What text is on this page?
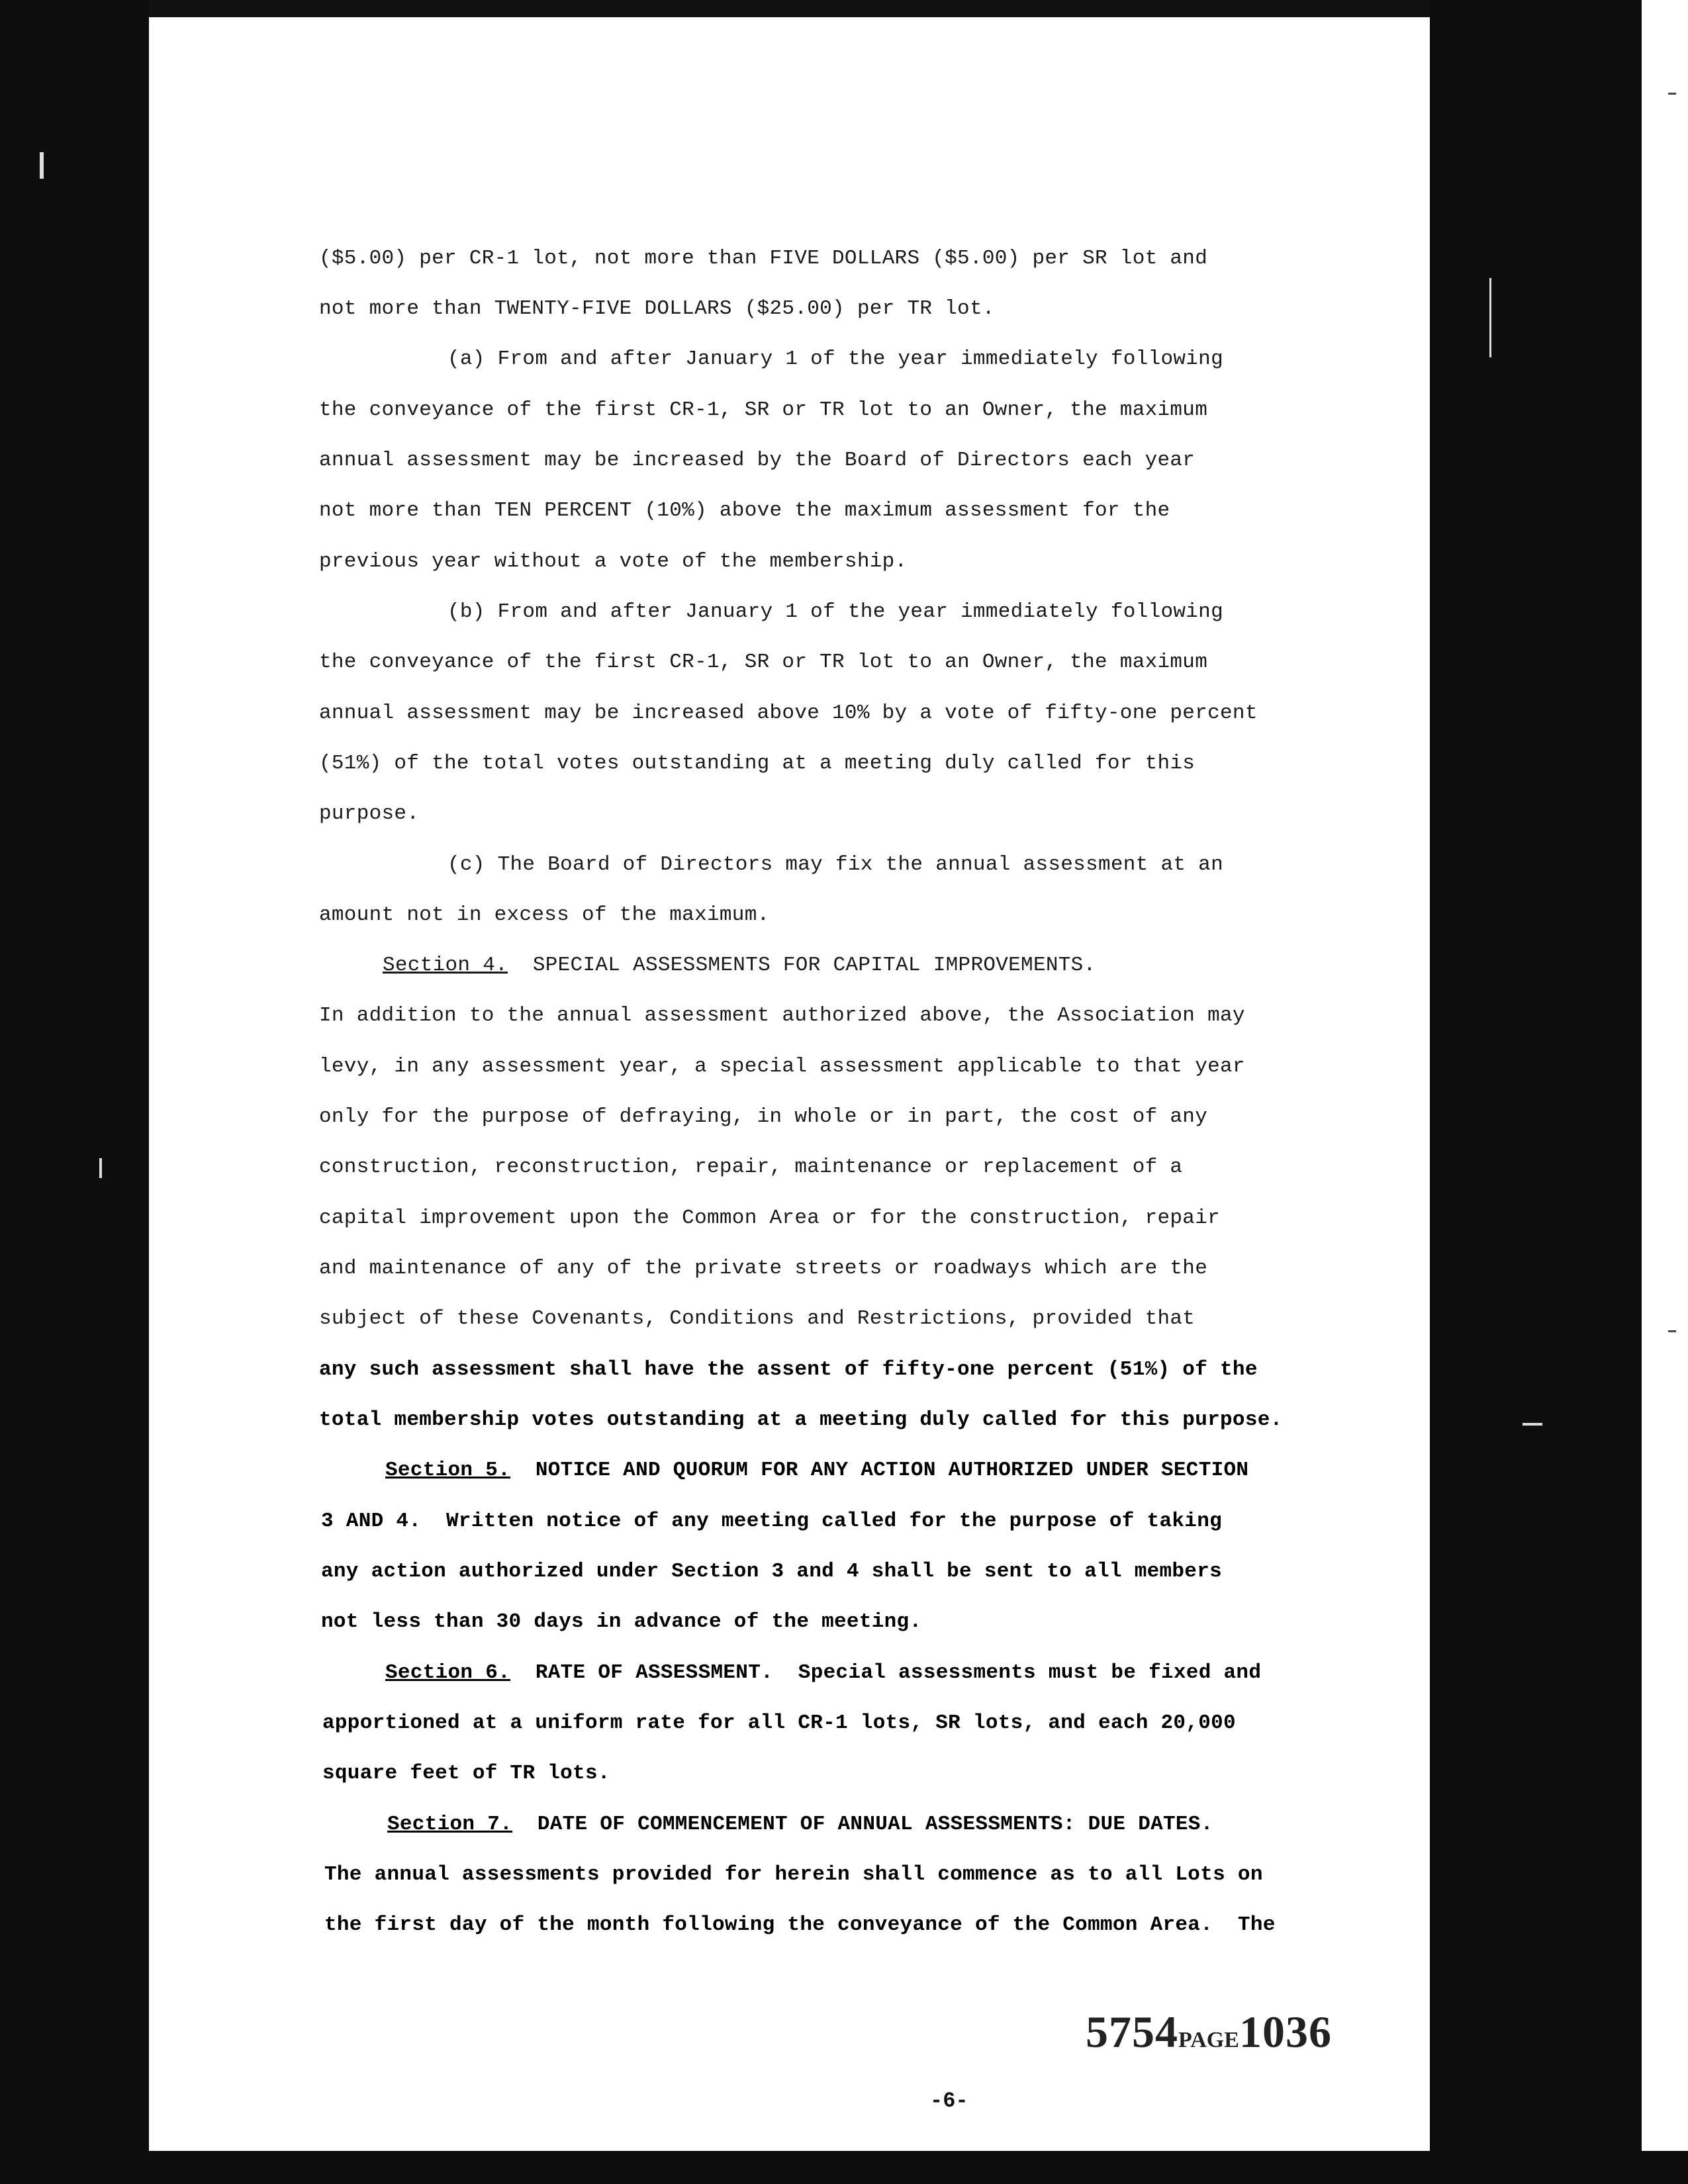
($5.00) per CR-1 lot, not more than FIVE DOLLARS ($5.00) per SR lot and
not more than TWENTY-FIVE DOLLARS ($25.00) per TR lot.
(a) From and after January 1 of the year immediately following
the conveyance of the first CR-1, SR or TR lot to an Owner, the maximum
annual assessment may be increased by the Board of Directors each year
not more than TEN PERCENT (10%) above the maximum assessment for the
previous year without a vote of the membership.
(b) From and after January 1 of the year immediately following
the conveyance of the first CR-1, SR or TR lot to an Owner, the maximum
annual assessment may be increased above 10% by a vote of fifty-one percent
(51%) of the total votes outstanding at a meeting duly called for this
purpose.
(c) The Board of Directors may fix the annual assessment at an
amount not in excess of the maximum.
Section 4. SPECIAL ASSESSMENTS FOR CAPITAL IMPROVEMENTS.
In addition to the annual assessment authorized above, the Association may
levy, in any assessment year, a special assessment applicable to that year
only for the purpose of defraying, in whole or in part, the cost of any
construction, reconstruction, repair, maintenance or replacement of a
capital improvement upon the Common Area or for the construction, repair
and maintenance of any of the private streets or roadways which are the
subject of these Covenants, Conditions and Restrictions, provided that
any such assessment shall have the assent of fifty-one percent (51%) of the
total membership votes outstanding at a meeting duly called for this purpose.
Section 5. NOTICE AND QUORUM FOR ANY ACTION AUTHORIZED UNDER SECTION
3 AND 4.  Written notice of any meeting called for the purpose of taking
any action authorized under Section 3 and 4 shall be sent to all members
not less than 30 days in advance of the meeting.
Section 6. RATE OF ASSESSMENT.  Special assessments must be fixed and
apportioned at a uniform rate for all CR-1 lots, SR lots, and each 20,000
square feet of TR lots.
Section 7. DATE OF COMMENCEMENT OF ANNUAL ASSESSMENTS: DUE DATES.
The annual assessments provided for herein shall commence as to all Lots on
the first day of the month following the conveyance of the Common Area.  The
5754PAGE1036
-6-
